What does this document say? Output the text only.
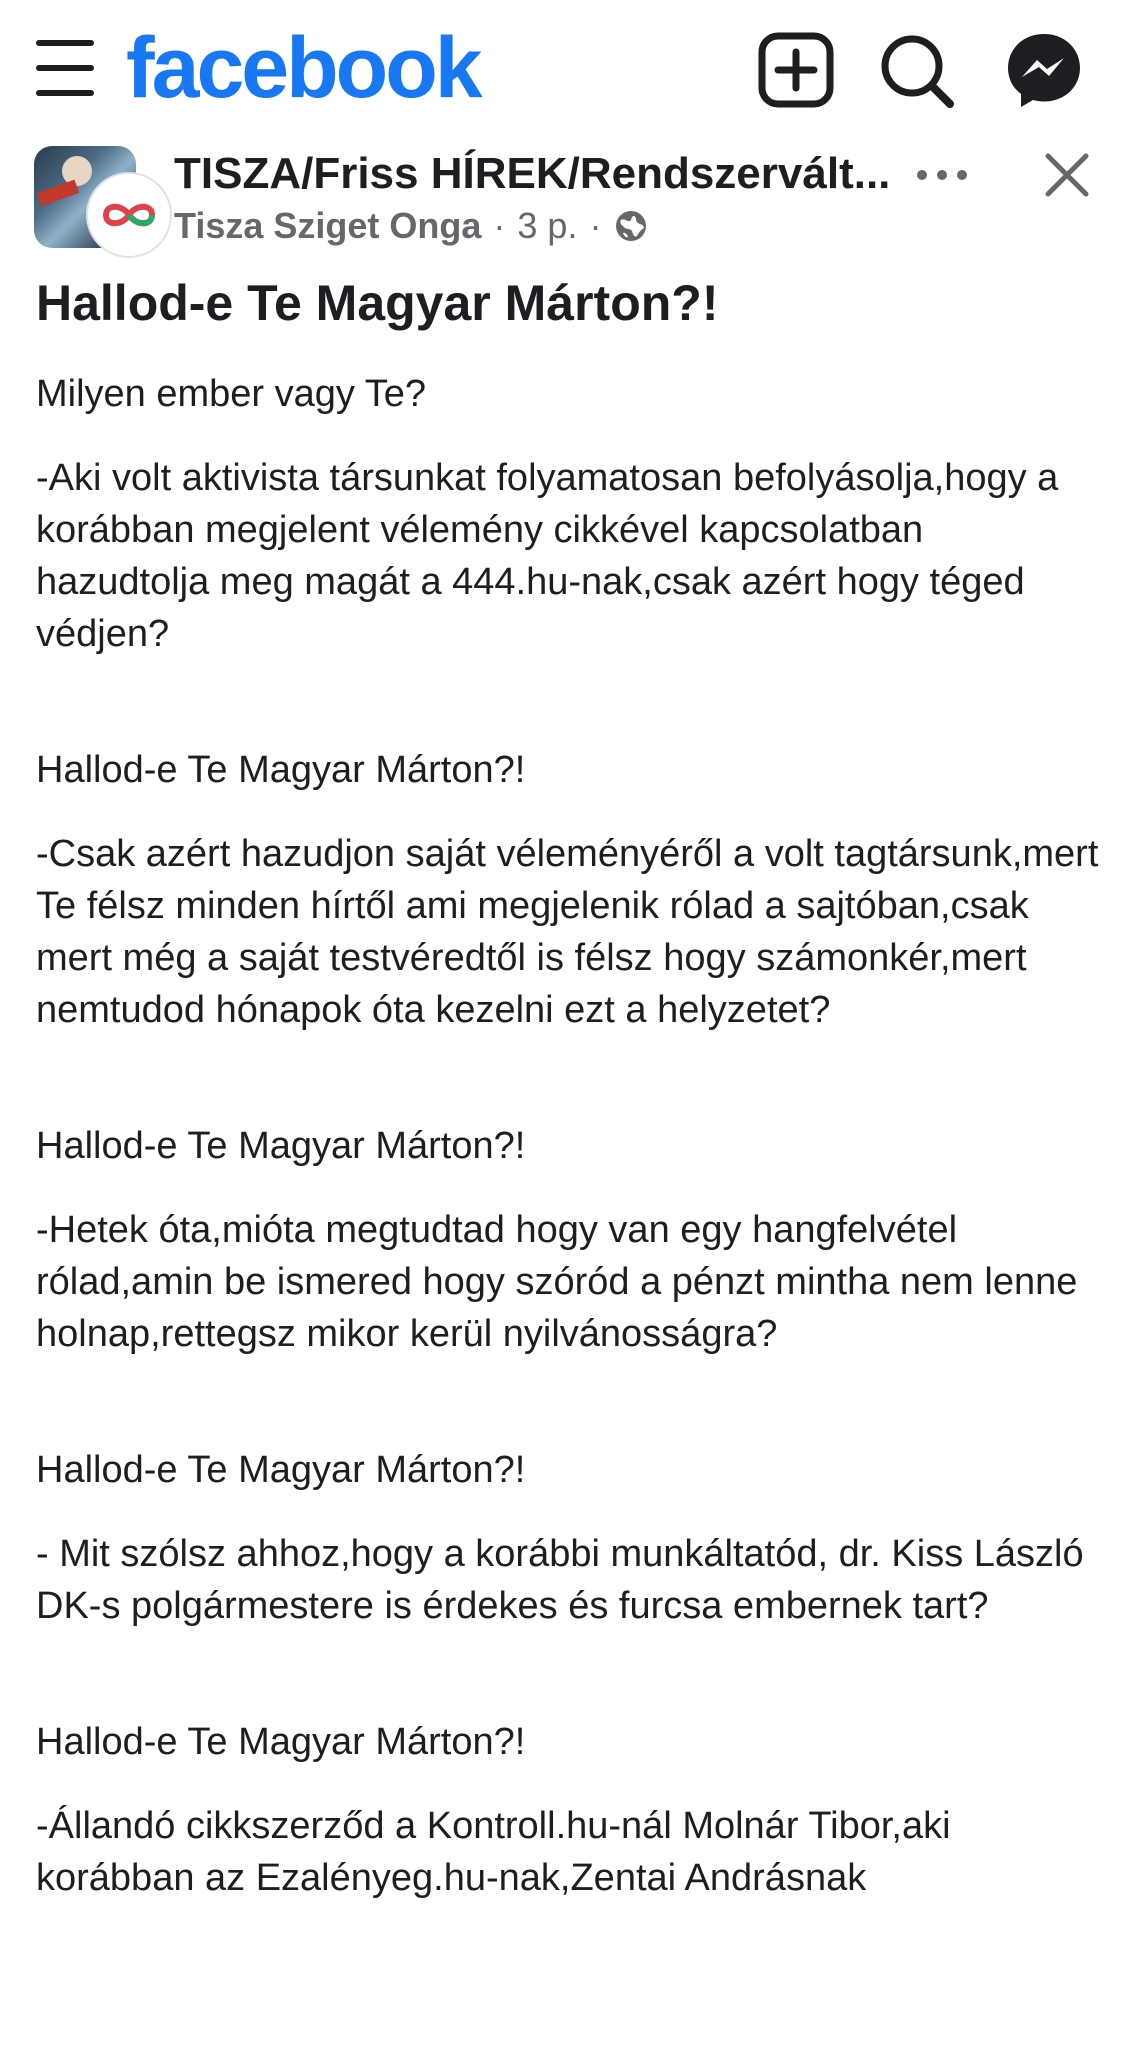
facebook
TISZA/Friss HÍREK/Rendszervált...
Tisza Sziget Onga · 3 p. ·
Hallod-e Te Magyar Márton?!
Milyen ember vagy Te?
-Aki volt aktivista társunkat folyamatosan befolyásolja,hogy a korábban megjelent vélemény cikkével kapcsolatban hazudtolja meg magát a 444.hu-nak,csak azért hogy téged védjen?
Hallod-e Te Magyar Márton?!
-Csak azért hazudjon saját véleményéről a volt tagtársunk,mert Te félsz minden hírtől ami megjelenik rólad a sajtóban,csak mert még a saját testvéredtől is félsz hogy számonkér,mert nemtudod hónapok óta kezelni ezt a helyzetet?
Hallod-e Te Magyar Márton?!
-Hetek óta,mióta megtudtad hogy van egy hangfelvétel rólad,amin be ismered hogy szóród a pénzt mintha nem lenne holnap,rettegsz mikor kerül nyilvánosságra?
Hallod-e Te Magyar Márton?!
- Mit szólsz ahhoz,hogy a korábbi munkáltatód, dr. Kiss László DK-s polgármestere is érdekes és furcsa embernek tart?
Hallod-e Te Magyar Márton?!
-Állandó cikkszerződ a Kontroll.hu-nál Molnár Tibor,aki korábban az Ezalényeg.hu-nak,Zentai Andrásnak
